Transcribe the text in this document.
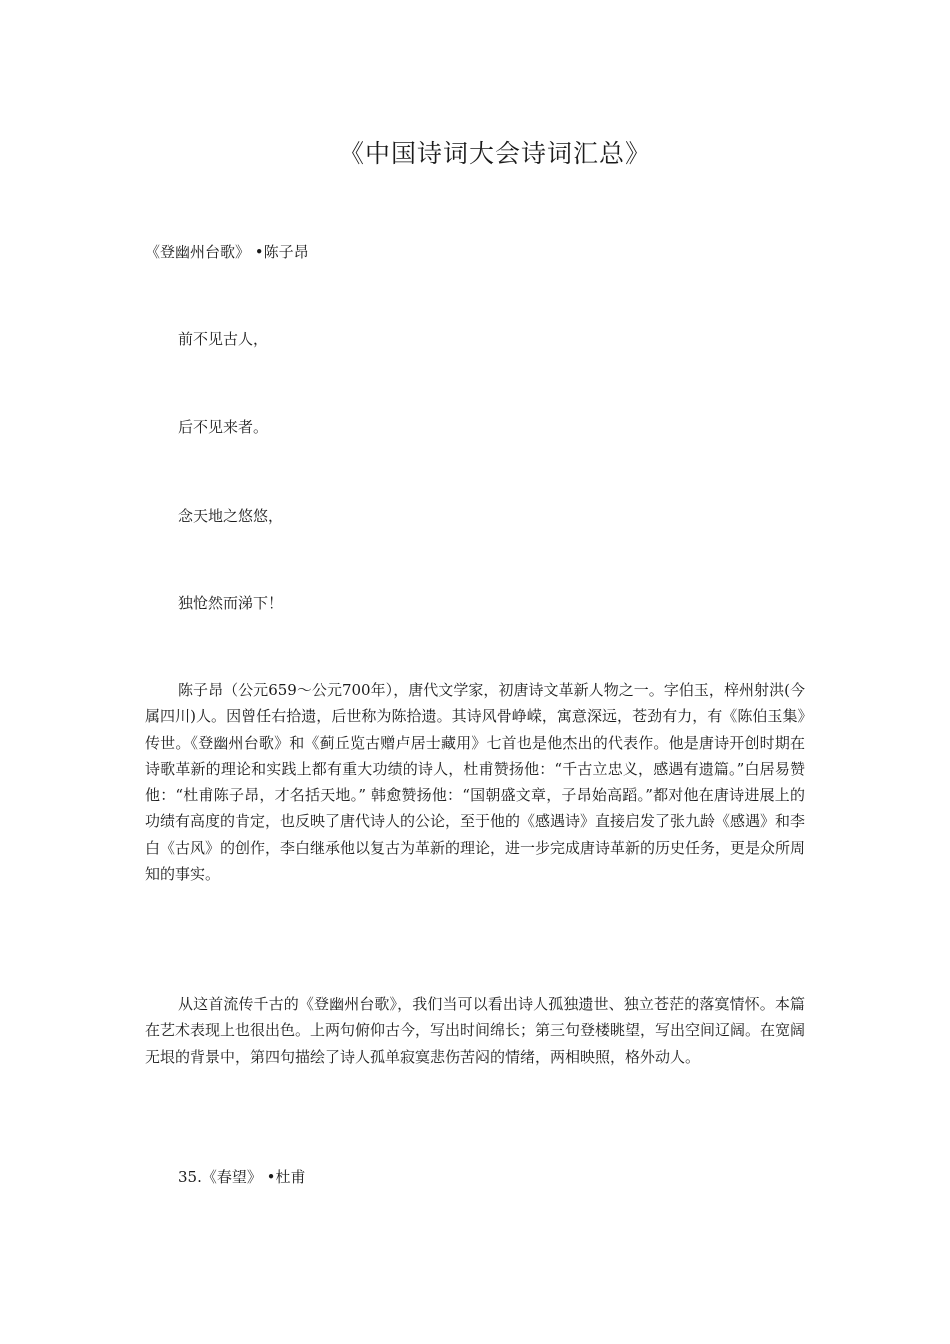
《中国诗词大会诗词汇总》
《登幽州台歌》 •陈子昂

前不见古人，

后不见来者。

念天地之悠悠，

独怆然而涕下！

陈子昂（公元659～公元700年），唐代文学家，初唐诗文革新人物之一。字伯玉，梓州射洪(今属四川)人。因曾任右拾遗，后世称为陈拾遗。其诗风骨峥嵘，寓意深远，苍劲有力，有《陈伯玉集》传世。《登幽州台歌》和《蓟丘览古赠卢居士藏用》七首也是他杰出的代表作。他是唐诗开创时期在诗歌革新的理论和实践上都有重大功绩的诗人，杜甫赞扬他：“千古立忠义，感遇有遗篇。”白居易赞他：“杜甫陈子昂，才名括天地。” 韩愈赞扬他：“国朝盛文章，子昂始高蹈。”都对他在唐诗进展上的功绩有高度的肯定，也反映了唐代诗人的公论，至于他的《感遇诗》直接启发了张九龄《感遇》和李白《古风》的创作，李白继承他以复古为革新的理论，进一步完成唐诗革新的历史任务，更是众所周知的事实。

从这首流传千古的《登幽州台歌》，我们当可以看出诗人孤独遗世、独立苍茫的落寞情怀。本篇在艺术表现上也很出色。上两句俯仰古今，写出时间绵长；第三句登楼眺望，写出空间辽阔。在宽阔无垠的背景中，第四句描绘了诗人孤单寂寞悲伤苦闷的情绪，两相映照，格外动人。

35.《春望》 •杜甫
